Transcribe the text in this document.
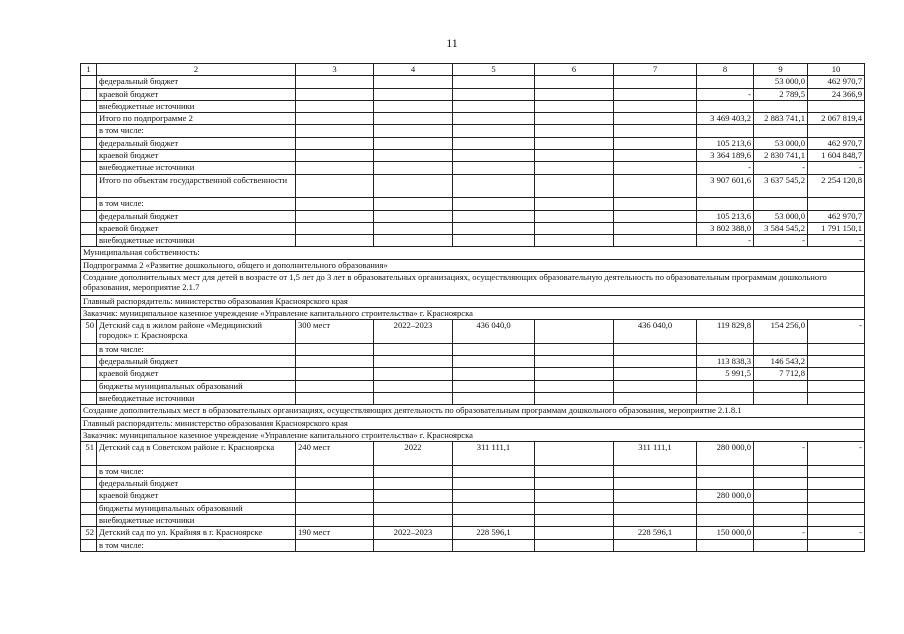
11
1	2	3	4	5	6	7	8	9	10
	федеральный бюджет							53 000,0	462 970,7
	краевой бюджет						-	2 789,5	24 366,9
	внебюджетные источники								
	Итого по подпрограмме 2						3 469 403,2	2 883 741,1	2 067 819,4
	в том числе:								
	федеральный бюджет						105 213,6	53 000,0	462 970,7
	краевой бюджет						3 364 189,6	2 830 741,1	1 604 848,7
	внебюджетные источники						-	-	-
	Итого по объектам государственной собственности						3 907 601,6	3 637 545,2	2 254 120,8
	в том числе:								
	федеральный бюджет						105 213,6	53 000,0	462 970,7
	краевой бюджет						3 802 388,0	3 584 545,2	1 791 150,1
	внебюджетные источники						-	-	-
Муниципальная собственность:									
Подпрограмма 2 «Развитие дошкольного, общего и дополнительного образования»									
Создание дополнительных мест для детей в возрасте от 1,5 лет до 3 лет в образовательных организациях, осуществляющих образовательную деятельность по образовательным программам дошкольного образования, мероприятие 2.1.7									
Главный распорядитель: министерство образования Красноярского края									
Заказчик: муниципальное казенное учреждение «Управление капитального строительства» г. Красноярска									
50	Детский сад в жилом районе «Медицинский городок» г. Красноярска	300 мест	2022–2023	436 040,0		436 040,0	119 829,8	154 256,0	-
	в том числе:								
	федеральный бюджет						113 838,3	146 543,2	
	краевой бюджет						5 991,5	7 712,8	
	бюджеты муниципальных образований								
	внебюджетные источники								
Создание дополнительных мест в образовательных организациях, осуществляющих деятельность по образовательным программам дошкольного образования, мероприятие 2.1.8.1									
Главный распорядитель: министерство образования Красноярского края									
Заказчик: муниципальное казенное учреждение «Управление капитального строительства» г. Красноярска									
51	Детский сад в Советском районе г. Красноярска	240 мест	2022	311 111,1		311 111,1	280 000,0	-	-
	в том числе:								
	федеральный бюджет								
	краевой бюджет						280 000,0		
	бюджеты муниципальных образований								
	внебюджетные источники								
52	Детский сад по ул. Крайняя в г. Красноярске	190 мест	2022–2023	228 596,1		228 596,1	150 000,0	-	-
	в том числе:								
